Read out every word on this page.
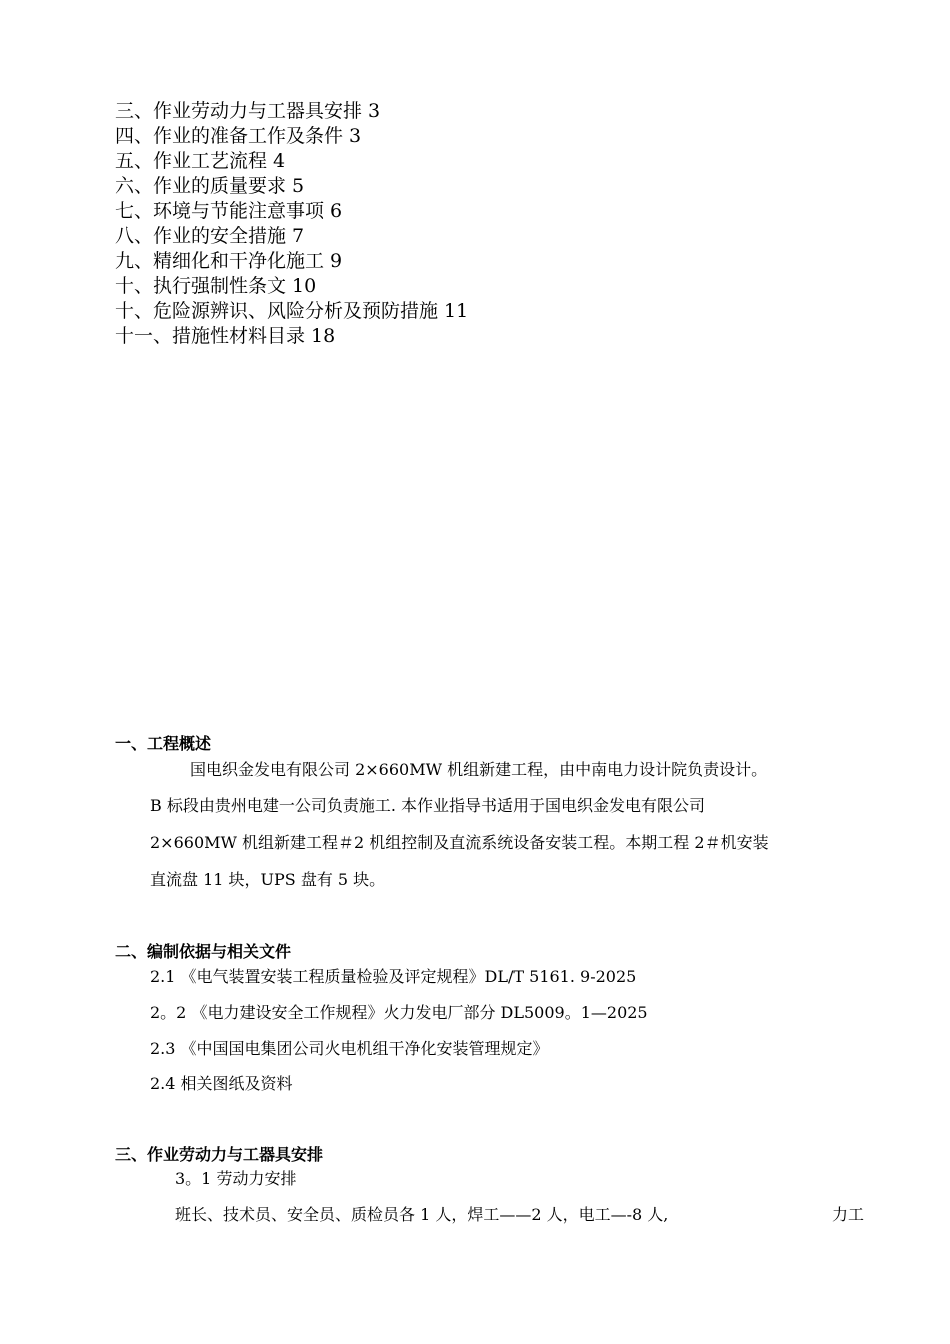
三、作业劳动力与工器具安排 3
四、作业的准备工作及条件 3
五、作业工艺流程 4
六、作业的质量要求 5
七、环境与节能注意事项 6
八、作业的安全措施 7
九、精细化和干净化施工 9
十、执行强制性条文 10
十、危险源辨识、风险分析及预防措施 11
十一、措施性材料目录 18
一、工程概述
国电织金发电有限公司 2×660MW 机组新建工程，由中南电力设计院负责设计。
B 标段由贵州电建一公司负责施工. 本作业指导书适用于国电织金发电有限公司
2×660MW 机组新建工程＃2 机组控制及直流系统设备安装工程。本期工程 2＃机安装
直流盘 11 块，UPS 盘有 5 块。
二、编制依据与相关文件
2.1 《电气装置安装工程质量检验及评定规程》DL/T 5161. 9-2025
2。2 《电力建设安全工作规程》火力发电厂部分 DL5009。1—2025
2.3 《中国国电集团公司火电机组干净化安装管理规定》
2.4 相关图纸及资料
三、作业劳动力与工器具安排
3。1 劳动力安排
班长、技术员、安全员、质检员各 1 人，焊工——2 人，电工—-8 人,	力工
